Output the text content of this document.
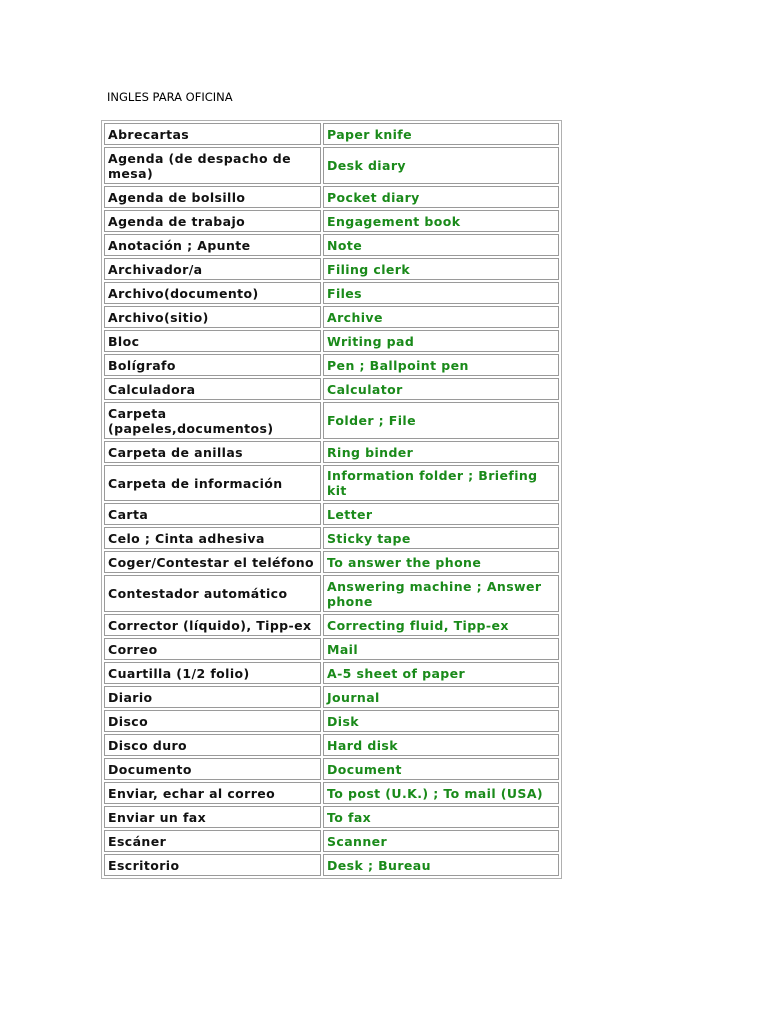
INGLES PARA OFICINA
Abrecartas	Paper knife
Agenda (de despacho de mesa)	Desk diary
Agenda de bolsillo	Pocket diary
Agenda de trabajo	Engagement book
Anotación ; Apunte	Note
Archivador/a	Filing clerk
Archivo(documento)	Files
Archivo(sitio)	Archive
Bloc	Writing pad
Bolígrafo	Pen ; Ballpoint pen
Calculadora	Calculator
Carpeta (papeles,documentos)	Folder ; File
Carpeta de anillas	Ring binder
Carpeta de información	Information folder ; Briefing kit
Carta	Letter
Celo ; Cinta adhesiva	Sticky tape
Coger/Contestar el teléfono	To answer the phone
Contestador automático	Answering machine ; Answer phone
Corrector (líquido), Tipp-ex	Correcting fluid, Tipp-ex
Correo	Mail
Cuartilla (1/2 folio)	A-5 sheet of paper
Diario	Journal
Disco	Disk
Disco duro	Hard disk
Documento	Document
Enviar, echar al correo	To post (U.K.) ; To mail (USA)
Enviar un fax	To fax
Escáner	Scanner
Escritorio	Desk ; Bureau
